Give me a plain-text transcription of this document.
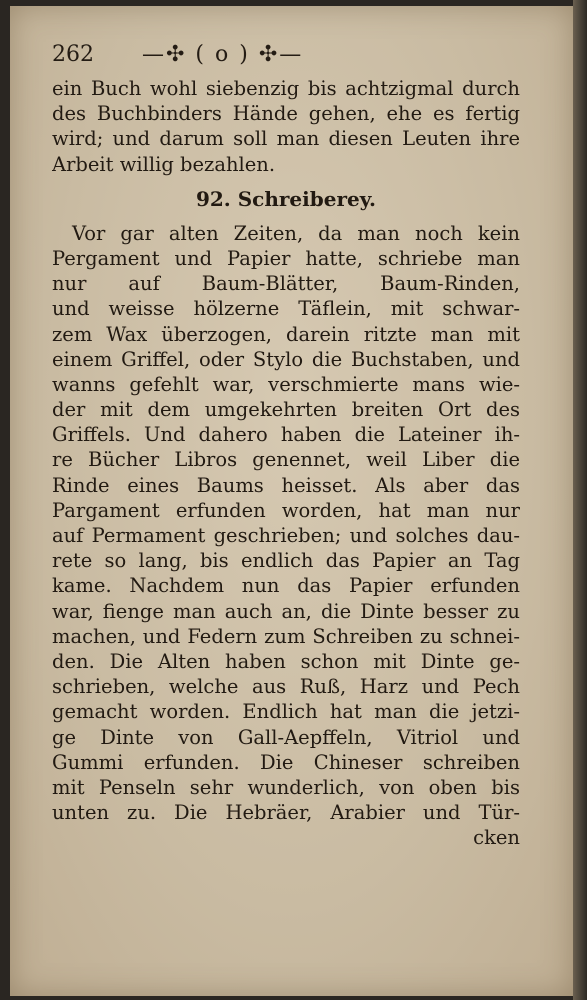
262 —✣ ( o ) ✣—
ein Buch wohl siebenzig bis achtzigmal durch
des Buchbinders Hände gehen, ehe es fertig
wird; und darum soll man diesen Leuten ihre
Arbeit willig bezahlen.
92. Schreiberey.
Vor gar alten Zeiten, da man noch kein
Pergament und Papier hatte, schriebe man
nur auf Baum-Blätter, Baum-Rinden,
und weisse hölzerne Täflein, mit schwar-
zem Wax überzogen, darein ritzte man mit
einem Griffel, oder Stylo die Buchstaben, und
wanns gefehlt war, verschmierte mans wie-
der mit dem umgekehrten breiten Ort des
Griffels. Und dahero haben die Lateiner ih-
re Bücher Libros genennet, weil Liber die
Rinde eines Baums heisset. Als aber das
Pargament erfunden worden, hat man nur
auf Permament geschrieben; und solches dau-
rete so lang, bis endlich das Papier an Tag
kame. Nachdem nun das Papier erfunden
war, fienge man auch an, die Dinte besser zu
machen, und Federn zum Schreiben zu schnei-
den. Die Alten haben schon mit Dinte ge-
schrieben, welche aus Ruß, Harz und Pech
gemacht worden. Endlich hat man die jetzi-
ge Dinte von Gall-Aepffeln, Vitriol und
Gummi erfunden. Die Chineser schreiben
mit Penseln sehr wunderlich, von oben bis
unten zu. Die Hebräer, Arabier und Tür-
cken
